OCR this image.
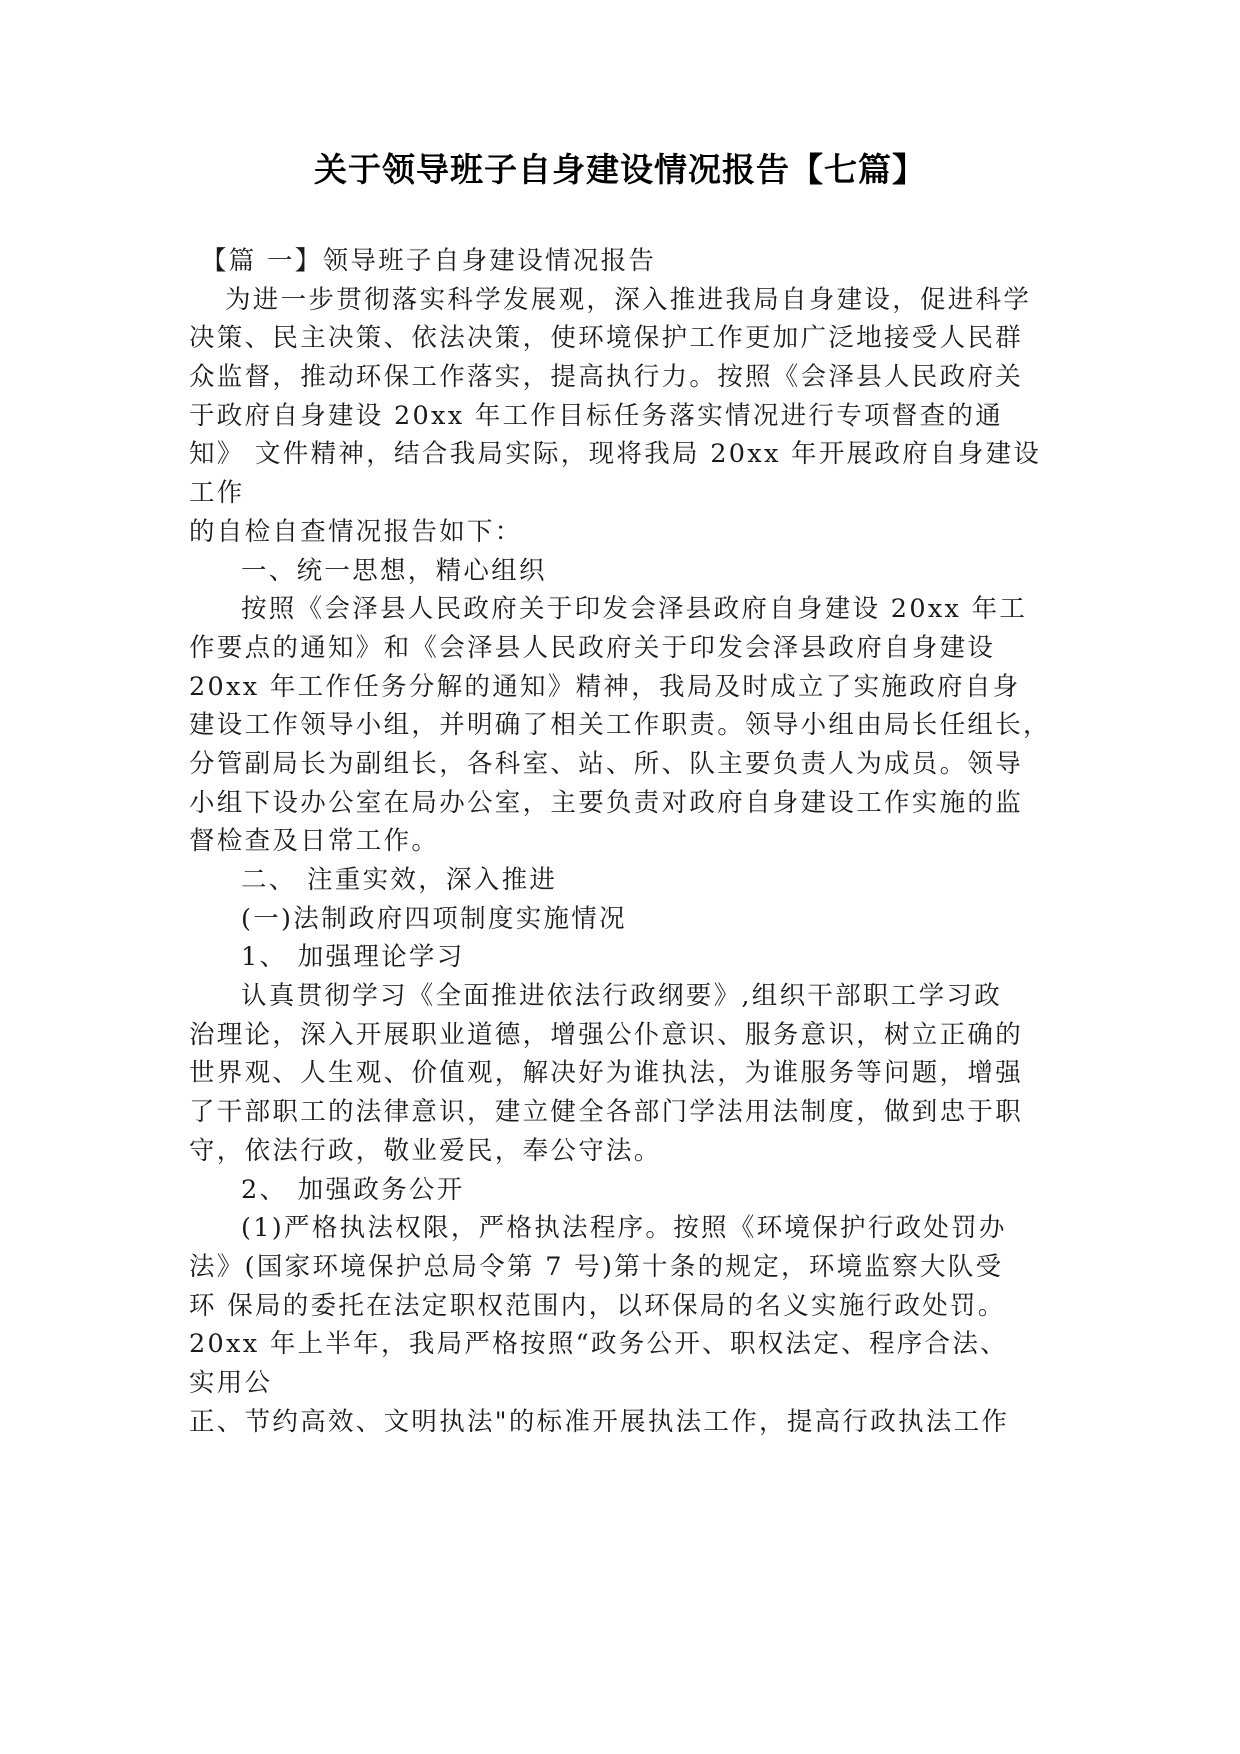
关于领导班子自身建设情况报告【七篇】
【篇 一】领导班子自身建设情况报告
为进一步贯彻落实科学发展观，深入推进我局自身建设，促进科学
决策、民主决策、依法决策，使环境保护工作更加广泛地接受人民群
众监督，推动环保工作落实，提高执行力。按照《会泽县人民政府关
于政府自身建设 20xx 年工作目标任务落实情况进行专项督查的通
知》 文件精神，结合我局实际，现将我局 20xx 年开展政府自身建设
工作
的自检自查情况报告如下：
一、统一思想，精心组织
按照《会泽县人民政府关于印发会泽县政府自身建设 20xx 年工
作要点的通知》和《会泽县人民政府关于印发会泽县政府自身建设
20xx 年工作任务分解的通知》精神，我局及时成立了实施政府自身
建设工作领导小组，并明确了相关工作职责。领导小组由局长任组长，
分管副局长为副组长，各科室、站、所、队主要负责人为成员。领导
小组下设办公室在局办公室，主要负责对政府自身建设工作实施的监
督检查及日常工作。
二、 注重实效，深入推进
(一)法制政府四项制度实施情况
1、 加强理论学习
认真贯彻学习《全面推进依法行政纲要》,组织干部职工学习政
治理论，深入开展职业道德，增强公仆意识、服务意识，树立正确的
世界观、人生观、价值观，解决好为谁执法，为谁服务等问题，增强
了干部职工的法律意识，建立健全各部门学法用法制度，做到忠于职
守，依法行政，敬业爱民，奉公守法。
2、 加强政务公开
(1)严格执法权限，严格执法程序。按照《环境保护行政处罚办
法》(国家环境保护总局令第 7 号)第十条的规定，环境监察大队受
环 保局的委托在法定职权范围内，以环保局的名义实施行政处罚。
20xx 年上半年，我局严格按照“政务公开、职权法定、程序合法、
实用公
正、节约高效、文明执法"的标准开展执法工作，提高行政执法工作
